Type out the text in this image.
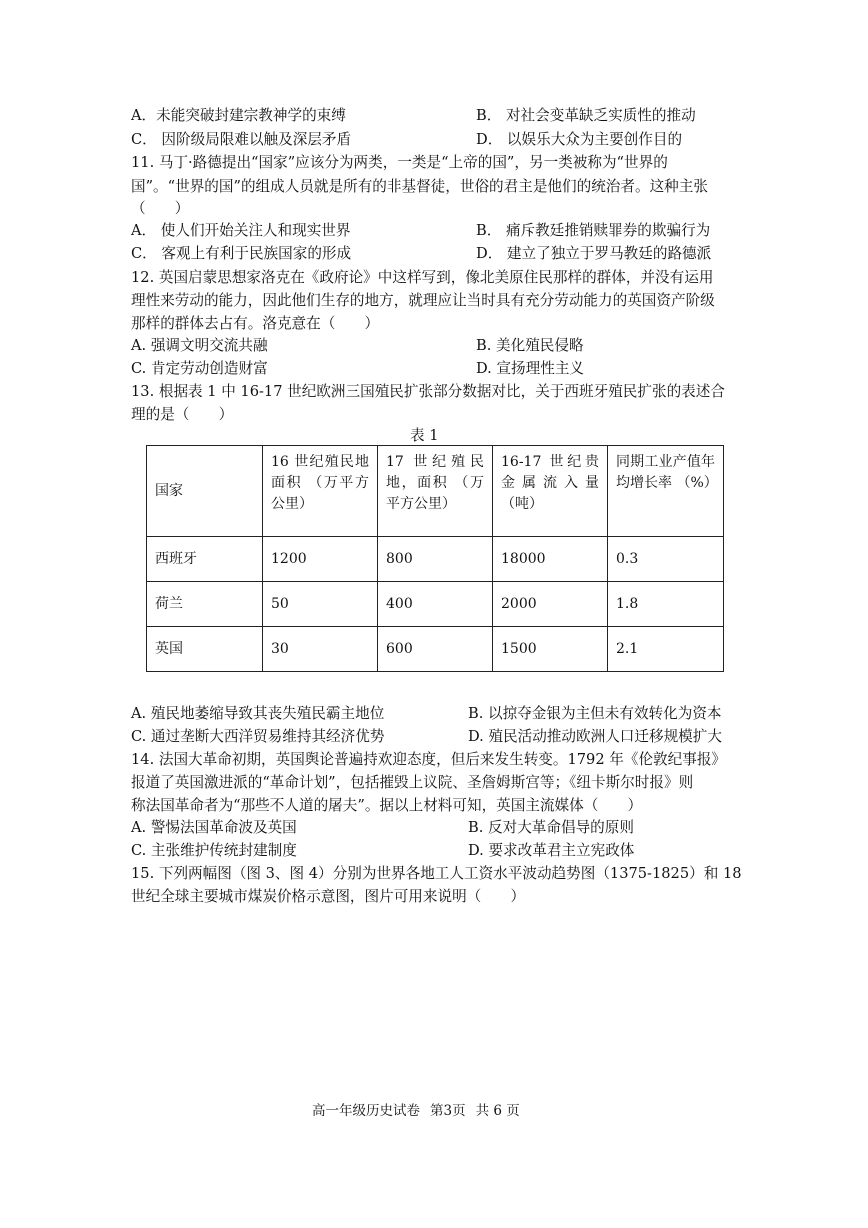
A．未能突破封建宗教神学的束缚	B． 对社会变革缺乏实质性的推动
C． 因阶级局限难以触及深层矛盾	D． 以娱乐大众为主要创作目的
11. 马丁·路德提出“国家”应该分为两类，一类是“上帝的国”，另一类被称为“世界的
国”。“世界的国”的组成人员就是所有的非基督徒，世俗的君主是他们的统治者。这种主张
（　　）
A． 使人们开始关注人和现实世界	B． 痛斥教廷推销赎罪券的欺骗行为
C． 客观上有利于民族国家的形成	D． 建立了独立于罗马教廷的路德派
12. 英国启蒙思想家洛克在《政府论》中这样写到，像北美原住民那样的群体，并没有运用
理性来劳动的能力，因此他们生存的地方，就理应让当时具有充分劳动能力的英国资产阶级
那样的群体去占有。洛克意在（　　）
A. 强调文明交流共融	B. 美化殖民侵略
C. 肯定劳动创造财富	D. 宣扬理性主义
13. 根据表 1 中 16-17 世纪欧洲三国殖民扩张部分数据对比，关于西班牙殖民扩张的表述合
理的是（　　）
表 1
国家	16 世纪殖民地面积 （万平方公里）	17 世纪殖民地，面积 （万平方公里）	16-17 世纪贵金属流入量 （吨）	同期工业产值年均增长率 （%）
西班牙	1200	800	18000	0.3
荷兰	50	400	2000	1.8
英国	30	600	1500	2.1
A. 殖民地萎缩导致其丧失殖民霸主地位	B. 以掠夺金银为主但未有效转化为资本
C. 通过垄断大西洋贸易维持其经济优势	D. 殖民活动推动欧洲人口迁移规模扩大
14. 法国大革命初期，英国舆论普遍持欢迎态度，但后来发生转变。1792 年《伦敦纪事报》
报道了英国激进派的“革命计划”，包括摧毁上议院、圣詹姆斯宫等；《纽卡斯尔时报》则
称法国革命者为“那些不人道的屠夫”。据以上材料可知，英国主流媒体（　　）
A. 警惕法国革命波及英国	B. 反对大革命倡导的原则
C. 主张维护传统封建制度	D. 要求改革君主立宪政体
15. 下列两幅图（图 3、图 4）分别为世界各地工人工资水平波动趋势图（1375-1825）和 18
世纪全球主要城市煤炭价格示意图，图片可用来说明（　　）
高一年级历史试卷 第3页 共 6 页
